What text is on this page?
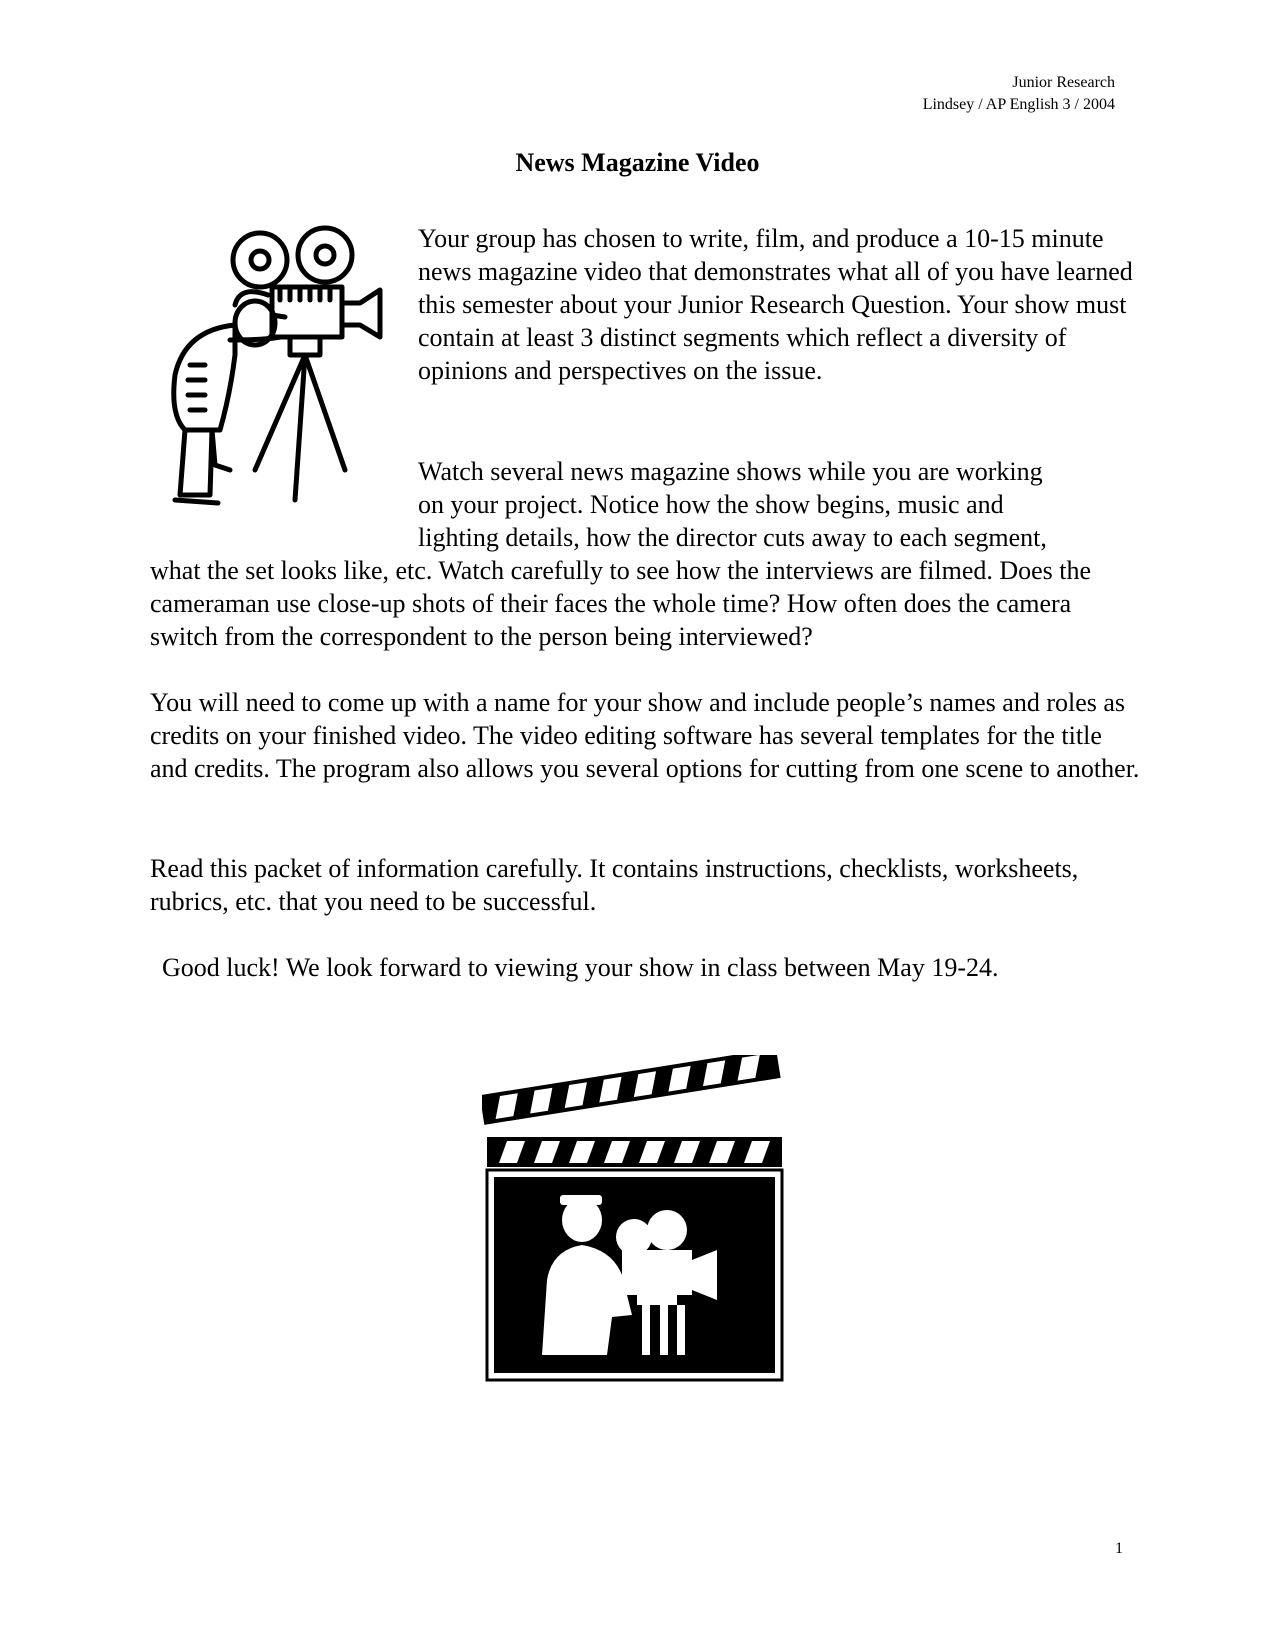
Junior Research
Lindsey / AP English 3 / 2004
News Magazine Video

Your group has chosen to write, film, and produce a 10-15 minute news magazine video that demonstrates what all of you have learned this semester about your Junior Research Question. Your show must contain at least 3 distinct segments which reflect a diversity of opinions and perspectives on the issue.

Watch several news magazine shows while you are working
on your project. Notice how the show begins, music and
lighting details, how the director cuts away to each segment,

what the set looks like, etc. Watch carefully to see how the interviews are filmed. Does the cameraman use close-up shots of their faces the whole time? How often does the camera switch from the correspondent to the person being interviewed?

You will need to come up with a name for your show and include people’s names and roles as credits on your finished video. The video editing software has several templates for the title and credits. The program also allows you several options for cutting from one scene to another.

Read this packet of information carefully. It contains instructions, checklists, worksheets, rubrics, etc. that you need to be successful.

Good luck! We look forward to viewing your show in class between May 19-24.

1
